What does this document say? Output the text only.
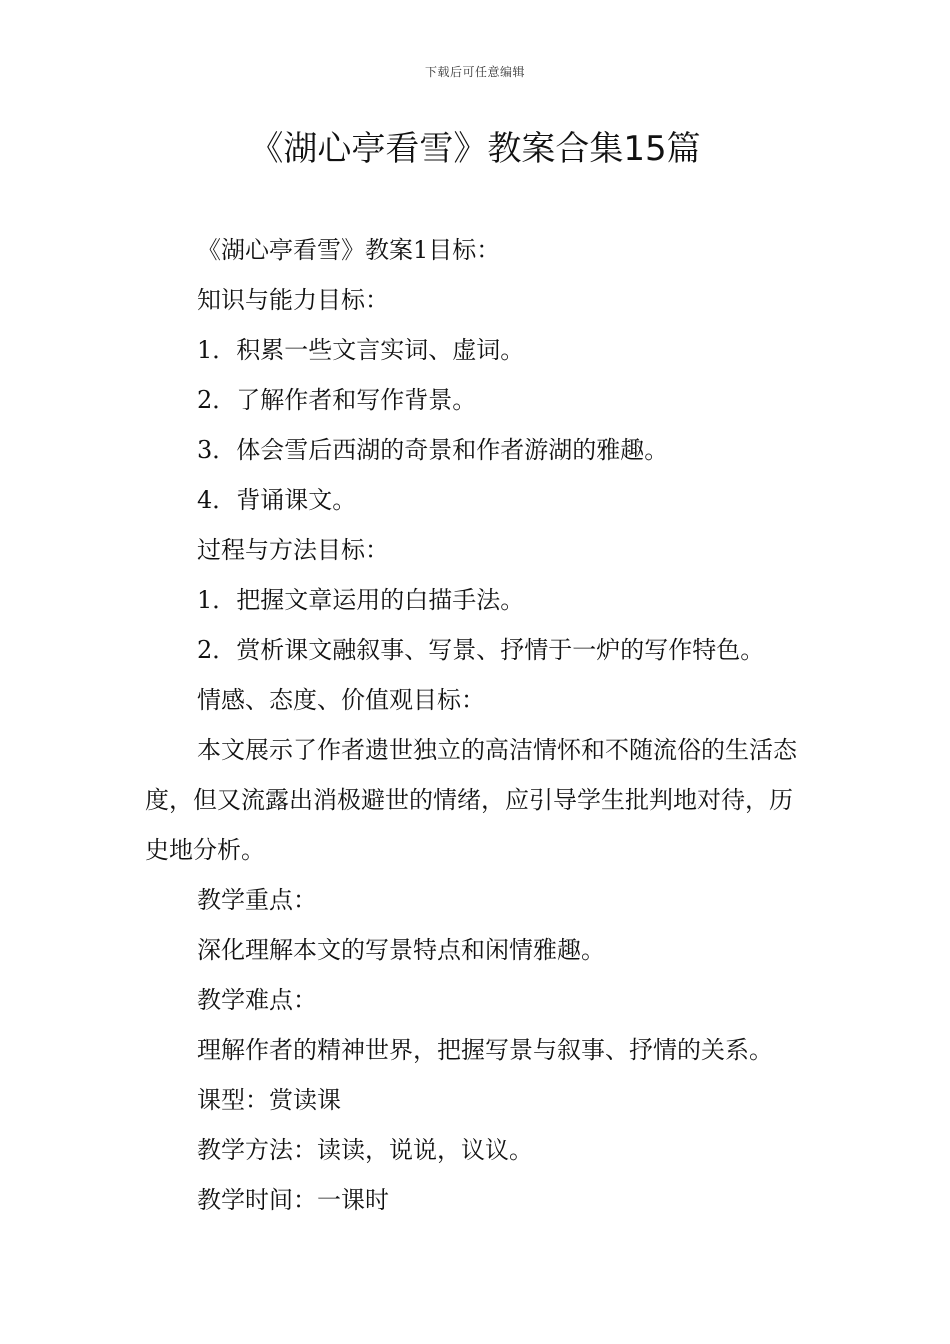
下载后可任意编辑
《湖心亭看雪》教案合集15篇

《湖心亭看雪》教案1目标：

知识与能力目标：

1．积累一些文言实词、虚词。

2．了解作者和写作背景。

3．体会雪后西湖的奇景和作者游湖的雅趣。

4．背诵课文。

过程与方法目标：

1．把握文章运用的白描手法。

2．赏析课文融叙事、写景、抒情于一炉的写作特色。

情感、态度、价值观目标：

本文展示了作者遗世独立的高洁情怀和不随流俗的生活态度，但又流露出消极避世的情绪，应引导学生批判地对待，历史地分析。

教学重点：

深化理解本文的写景特点和闲情雅趣。

教学难点：

理解作者的精神世界，把握写景与叙事、抒情的关系。

课型：赏读课

教学方法：读读，说说，议议。

教学时间：一课时
